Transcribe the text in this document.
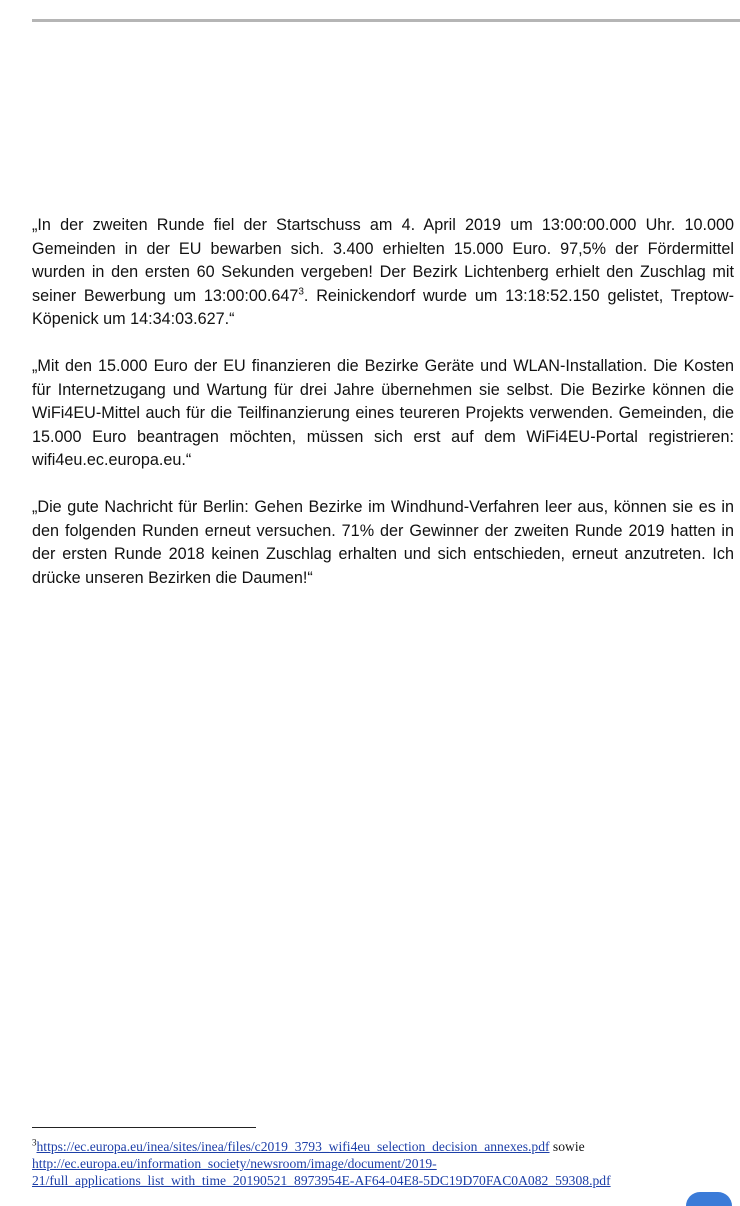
„In der zweiten Runde fiel der Startschuss am 4. April 2019 um 13:00:00.000 Uhr. 10.000 Gemeinden in der EU bewarben sich. 3.400 erhielten 15.000 Euro. 97,5% der Fördermittel wurden in den ersten 60 Sekunden vergeben! Der Bezirk Lichtenberg erhielt den Zuschlag mit seiner Bewerbung um 13:00:00.647$^3$. Reinickendorf wurde um 13:18:52.150 gelistet, Treptow-Köpenick um 14:34:03.627.“

„Mit den 15.000 Euro der EU finanzieren die Bezirke Geräte und WLAN-Installation. Die Kosten für Internetzugang und Wartung für drei Jahre übernehmen sie selbst. Die Bezirke können die WiFi4EU-Mittel auch für die Teilfinanzierung eines teureren Projekts verwenden. Gemeinden, die 15.000 Euro beantragen möchten, müssen sich erst auf dem WiFi4EU-Portal registrieren: wifi4eu.ec.europa.eu.“

„Die gute Nachricht für Berlin: Gehen Bezirke im Windhund-Verfahren leer aus, können sie es in den folgenden Runden erneut versuchen. 71% der Gewinner der zweiten Runde 2019 hatten in der ersten Runde 2018 keinen Zuschlag erhalten und sich entschieden, erneut anzutreten. Ich drücke unseren Bezirken die Daumen!“

$^3$https://ec.europa.eu/inea/sites/inea/files/c2019_3793_wifi4eu_selection_decision_annexes.pdf sowie
http://ec.europa.eu/information_society/newsroom/image/document/2019-
21/full_applications_list_with_time_20190521_8973954E-AF64-04E8-5DC19D70FAC0A082_59308.pdf
